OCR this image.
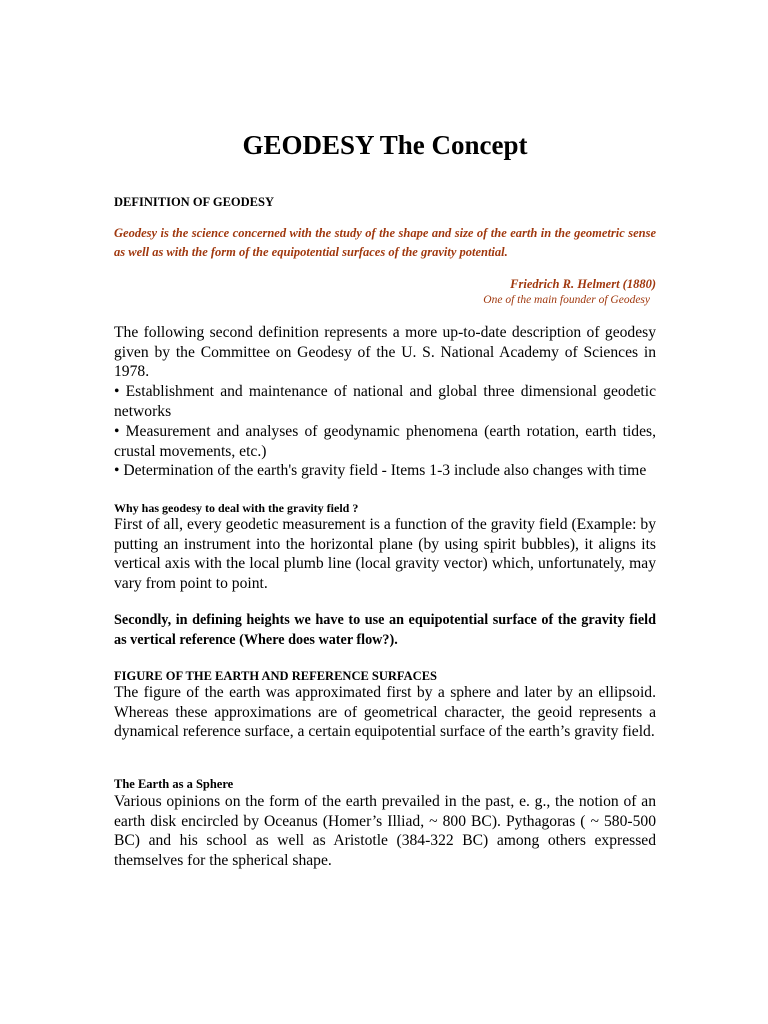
GEODESY The Concept

DEFINITION OF GEODESY

Geodesy is the science concerned with the study of the shape and size of the earth in the geometric sense as well as with the form of the equipotential surfaces of the gravity potential.

Friedrich R. Helmert (1880)

One of the main founder of Geodesy

The following second definition represents a more up-to-date description of geodesy given by the Committee on Geodesy of the U. S. National Academy of Sciences in 1978.

• Establishment and maintenance of national and global three dimensional geodetic networks

• Measurement and analyses of geodynamic phenomena (earth rotation, earth tides, crustal movements, etc.)

• Determination of the earth's gravity field - Items 1-3 include also changes with time

Why has geodesy to deal with the gravity field ?

First of all, every geodetic measurement is a function of the gravity field (Example: by putting an instrument into the horizontal plane (by using spirit bubbles), it aligns its vertical axis with the local plumb line (local gravity vector) which, unfortunately, may vary from point to point.

Secondly, in defining heights we have to use an equipotential surface of the gravity field as vertical reference (Where does water flow?).

FIGURE OF THE EARTH AND REFERENCE SURFACES

The figure of the earth was approximated first by a sphere and later by an ellipsoid. Whereas these approximations are of geometrical character, the geoid represents a dynamical reference surface, a certain equipotential surface of the earth’s gravity field.

The Earth as a Sphere

Various opinions on the form of the earth prevailed in the past, e. g., the notion of an earth disk encircled by Oceanus (Homer’s Illiad, ~ 800 BC). Pythagoras ( ~ 580-500 BC) and his school as well as Aristotle (384-322 BC) among others expressed themselves for the spherical shape.
